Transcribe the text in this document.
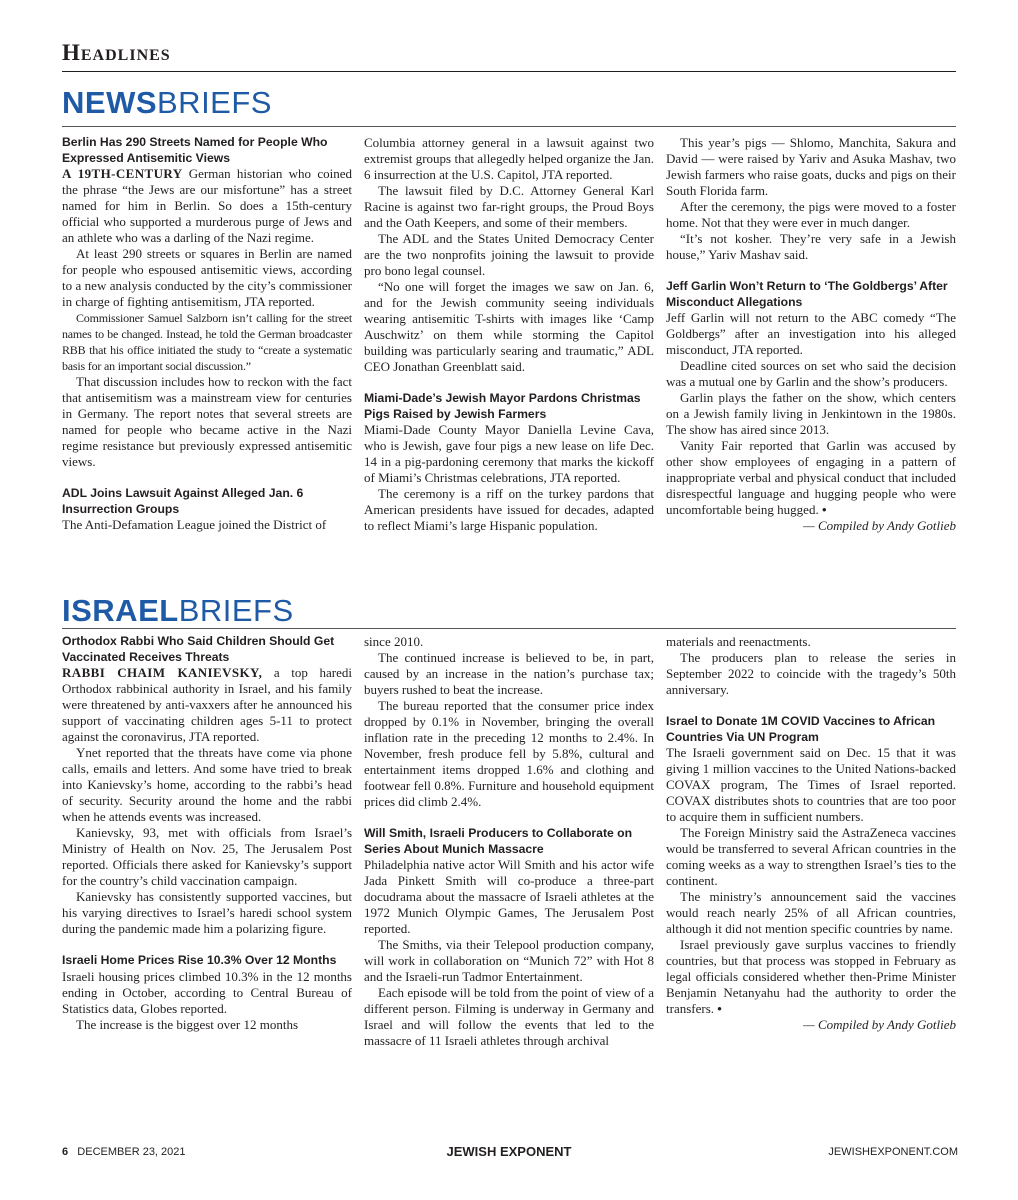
Headlines
NEWSBRIEFS
Berlin Has 290 Streets Named for People Who Expressed Antisemitic Views

A 19TH-CENTURY German historian who coined the phrase “the Jews are our misfortune” has a street named for him in Berlin. So does a 15th-century official who supported a murderous purge of Jews and an athlete who was a darling of the Nazi regime.

At least 290 streets or squares in Berlin are named for people who espoused antisemitic views, according to a new analysis conducted by the city’s commissioner in charge of fighting antisemitism, JTA reported.

Commissioner Samuel Salzborn isn’t calling for the street names to be changed. Instead, he told the German broadcaster RBB that his office initiated the study to “create a systematic basis for an important social discussion.”

That discussion includes how to reckon with the fact that antisemitism was a mainstream view for centuries in Germany. The report notes that several streets are named for people who became active in the Nazi regime resistance but previously expressed antisemitic views.

ADL Joins Lawsuit Against Alleged Jan. 6 Insurrection Groups

The Anti-Defamation League joined the District of

Columbia attorney general in a lawsuit against two extremist groups that allegedly helped organize the Jan. 6 insurrection at the U.S. Capitol, JTA reported.

The lawsuit filed by D.C. Attorney General Karl Racine is against two far-right groups, the Proud Boys and the Oath Keepers, and some of their members.

The ADL and the States United Democracy Center are the two nonprofits joining the lawsuit to provide pro bono legal counsel.

“No one will forget the images we saw on Jan. 6, and for the Jewish community seeing individuals wearing antisemitic T-shirts with images like ‘Camp Auschwitz’ on them while storming the Capitol building was particularly searing and traumatic,” ADL CEO Jonathan Greenblatt said.

Miami-Dade’s Jewish Mayor Pardons Christmas Pigs Raised by Jewish Farmers

Miami-Dade County Mayor Daniella Levine Cava, who is Jewish, gave four pigs a new lease on life Dec. 14 in a pig-pardoning ceremony that marks the kickoff of Miami’s Christmas celebrations, JTA reported.

The ceremony is a riff on the turkey pardons that American presidents have issued for decades, adapted to reflect Miami’s large Hispanic population.

This year’s pigs — Shlomo, Manchita, Sakura and David — were raised by Yariv and Asuka Mashav, two Jewish farmers who raise goats, ducks and pigs on their South Florida farm.

After the ceremony, the pigs were moved to a foster home. Not that they were ever in much danger.

“It’s not kosher. They’re very safe in a Jewish house,” Yariv Mashav said.

Jeff Garlin Won’t Return to ‘The Goldbergs’ After Misconduct Allegations

Jeff Garlin will not return to the ABC comedy “The Goldbergs” after an investigation into his alleged misconduct, JTA reported.

Deadline cited sources on set who said the decision was a mutual one by Garlin and the show’s producers.

Garlin plays the father on the show, which centers on a Jewish family living in Jenkintown in the 1980s. The show has aired since 2013.

Vanity Fair reported that Garlin was accused by other show employees of engaging in a pattern of inappropriate verbal and physical conduct that included disrespectful language and hugging people who were uncomfortable being hugged. •

— Compiled by Andy Gotlieb

ISRAELBRIEFS
Orthodox Rabbi Who Said Children Should Get Vaccinated Receives Threats

RABBI CHAIM KANIEVSKY, a top haredi Orthodox rabbinical authority in Israel, and his family were threatened by anti-vaxxers after he announced his support of vaccinating children ages 5-11 to protect against the coronavirus, JTA reported.

Ynet reported that the threats have come via phone calls, emails and letters. And some have tried to break into Kanievsky’s home, according to the rabbi’s head of security. Security around the home and the rabbi when he attends events was increased.

Kanievsky, 93, met with officials from Israel’s Ministry of Health on Nov. 25, The Jerusalem Post reported. Officials there asked for Kanievsky’s support for the country’s child vaccination campaign.

Kanievsky has consistently supported vaccines, but his varying directives to Israel’s haredi school system during the pandemic made him a polarizing figure.

Israeli Home Prices Rise 10.3% Over 12 Months

Israeli housing prices climbed 10.3% in the 12 months ending in October, according to Central Bureau of Statistics data, Globes reported.

The increase is the biggest over 12 months

since 2010.

The continued increase is believed to be, in part, caused by an increase in the nation’s purchase tax; buyers rushed to beat the increase.

The bureau reported that the consumer price index dropped by 0.1% in November, bringing the overall inflation rate in the preceding 12 months to 2.4%. In November, fresh produce fell by 5.8%, cultural and entertainment items dropped 1.6% and clothing and footwear fell 0.8%. Furniture and household equipment prices did climb 2.4%.

Will Smith, Israeli Producers to Collaborate on Series About Munich Massacre

Philadelphia native actor Will Smith and his actor wife Jada Pinkett Smith will co-produce a three-part docudrama about the massacre of Israeli athletes at the 1972 Munich Olympic Games, The Jerusalem Post reported.

The Smiths, via their Telepool production company, will work in collaboration on “Munich 72” with Hot 8 and the Israeli-run Tadmor Entertainment.

Each episode will be told from the point of view of a different person. Filming is underway in Germany and Israel and will follow the events that led to the massacre of 11 Israeli athletes through archival

materials and reenactments.

The producers plan to release the series in September 2022 to coincide with the tragedy’s 50th anniversary.

Israel to Donate 1M COVID Vaccines to African Countries Via UN Program

The Israeli government said on Dec. 15 that it was giving 1 million vaccines to the United Nations-backed COVAX program, The Times of Israel reported. COVAX distributes shots to countries that are too poor to acquire them in sufficient numbers.

The Foreign Ministry said the AstraZeneca vaccines would be transferred to several African countries in the coming weeks as a way to strengthen Israel’s ties to the continent.

The ministry’s announcement said the vaccines would reach nearly 25% of all African countries, although it did not mention specific countries by name.

Israel previously gave surplus vaccines to friendly countries, but that process was stopped in February as legal officials considered whether then-Prime Minister Benjamin Netanyahu had the authority to order the transfers. •

— Compiled by Andy Gotlieb

6 DECEMBER 23, 2021	JEWISH EXPONENT	JEWISHEXPONENT.COM
